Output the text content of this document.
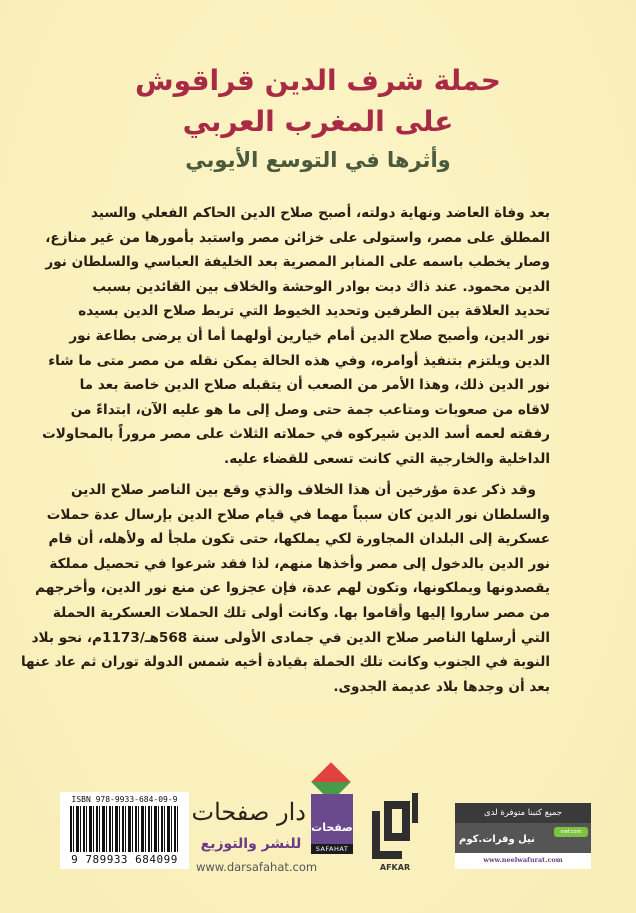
حملة شرف الدين قراقوش
على المغرب العربي
وأثرها في التوسع الأيوبي
بعد وفاة العاضد ونهاية دولته، أصبح صلاح الدين الحاكم الفعلي والسيد
المطلق على مصر، واستولى على خزائن مصر واستبد بأمورها من غير منازع،
وصار يخطب باسمه على المنابر المصرية بعد الخليفة العباسي والسلطان نور
الدين محمود. عند ذاك دبت بوادر الوحشة والخلاف بين القائدين بسبب
تحديد العلاقة بين الطرفين وتحديد الخيوط التي تربط صلاح الدين بسيده
نور الدين، وأصبح صلاح الدين أمام خيارين أولهما أما أن يرضى بطاعة نور
الدين ويلتزم بتنفيذ أوامره، وفي هذه الحالة يمكن نقله من مصر متى ما شاء
نور الدين ذلك، وهذا الأمر من الصعب أن يتقبله صلاح الدين خاصة بعد ما
لاقاه من صعوبات ومتاعب جمة حتى وصل إلى ما هو عليه الآن، ابتداءً من
رفقته لعمه أسد الدين شيركوه في حملاته الثلاث على مصر مروراً بالمحاولات
الداخلية والخارجية التي كانت تسعى للقضاء عليه.
وقد ذكر عدة مؤرخين أن هذا الخلاف والذي وقع بين الناصر صلاح الدين
والسلطان نور الدين كان سبباً مهما في قيام صلاح الدين بإرسال عدة حملات
عسكرية إلى البلدان المجاورة لكي يملكها، حتى تكون ملجأ له ولأهله، أن قام
نور الدين بالدخول إلى مصر وأخذها منهم، لذا فقد شرعوا في تحصيل مملكة
يقصدونها ويملكونها، وتكون لهم عدة، فإن عجزوا عن منع نور الدين، وأخرجهم
من مصر ساروا إليها وأقاموا بها. وكانت أولى تلك الحملات العسكرية الحملة
التي أرسلها الناصر صلاح الدين في جمادى الأولى سنة 568هـ/1173م، نحو بلاد
النوبة في الجنوب وكانت تلك الحملة بقيادة أخيه شمس الدولة توران ثم عاد عنها
بعد أن وجدها بلاد عديمة الجدوى.
ISBN 978-9933-684-09-9
9 789933 684099
دار صفحات
للنشر والتوزيع
www.darsafahat.com
صفحات
SAFAHAT
AFKAR
جميع كتبنا متوفرة لدى
نيل وفرات.كوم
nwf.com
www.neelwafurat.com
